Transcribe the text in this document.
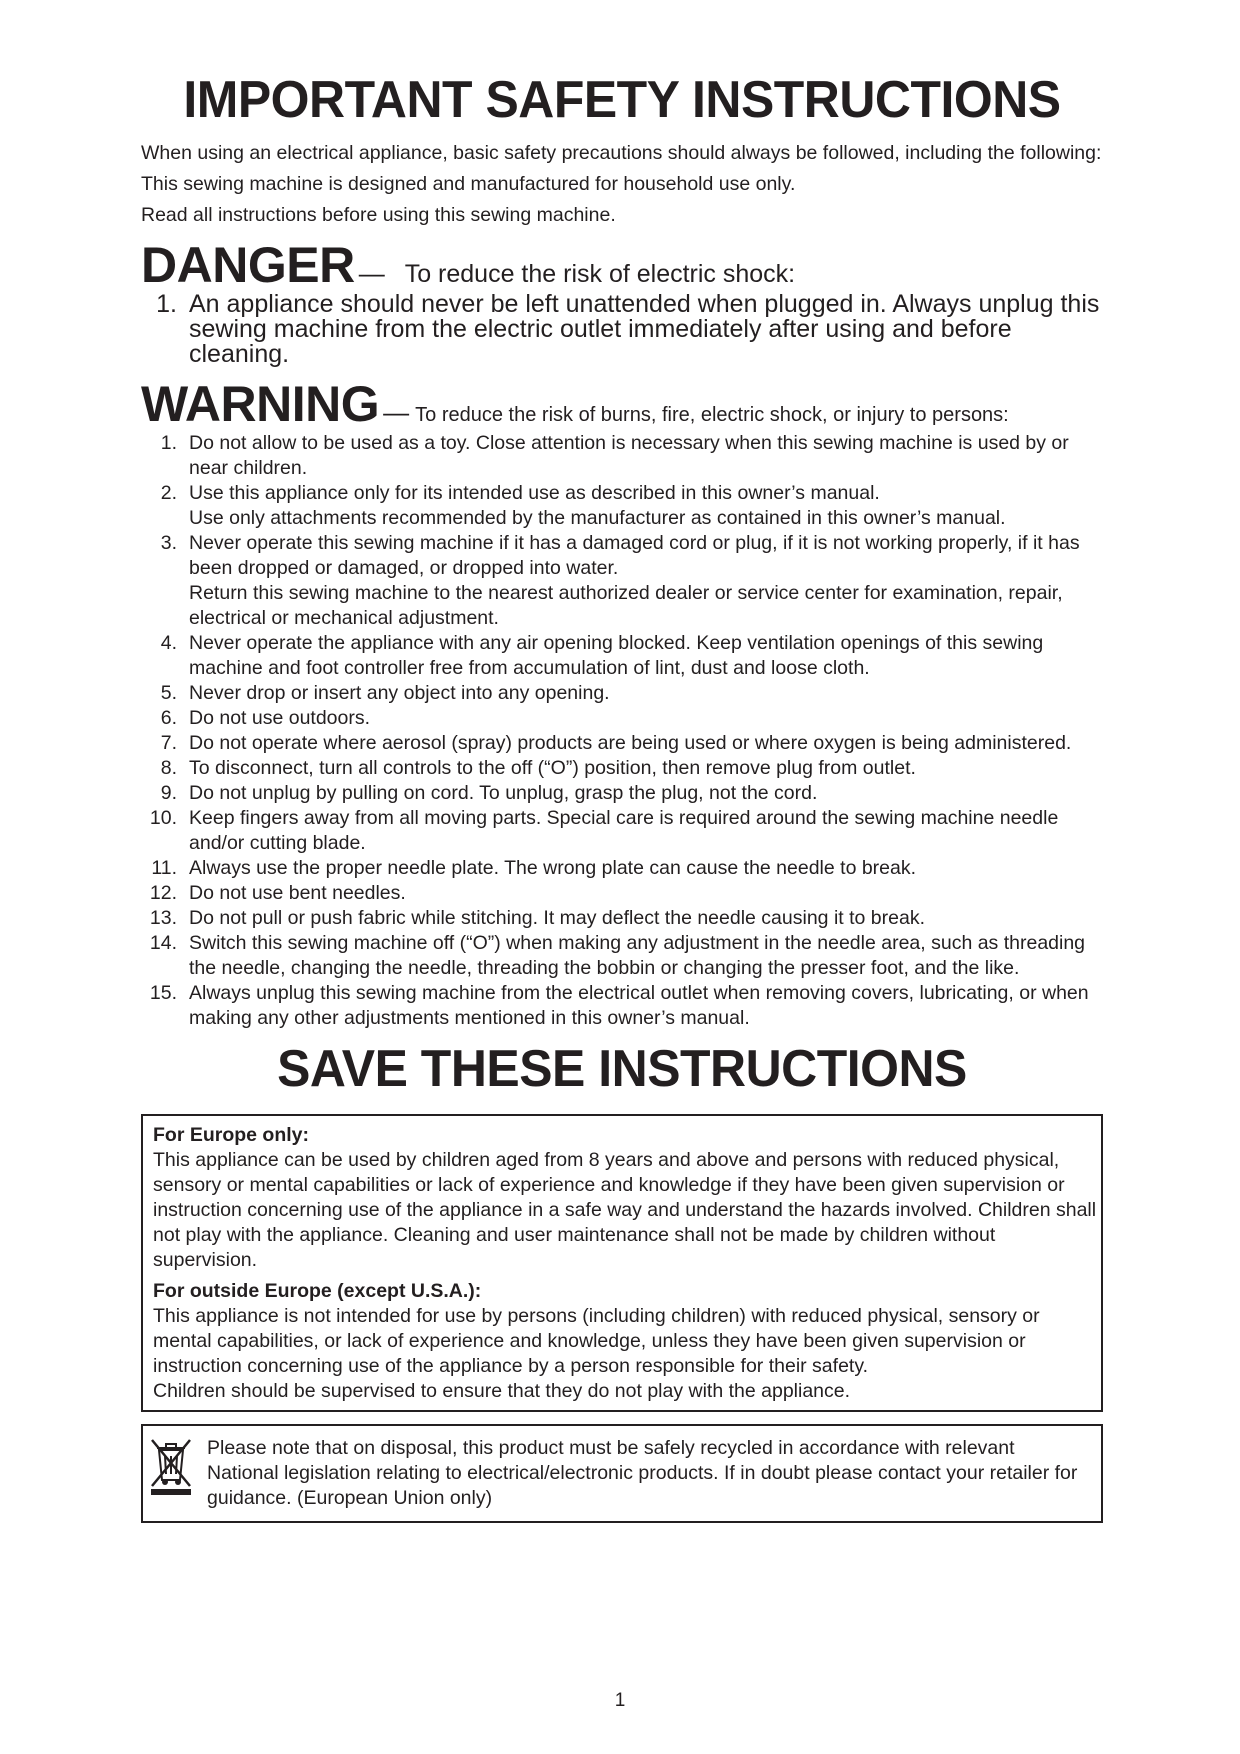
IMPORTANT SAFETY INSTRUCTIONS

When using an electrical appliance, basic safety precautions should always be followed, including the following:

This sewing machine is designed and manufactured for household use only.

Read all instructions before using this sewing machine.

DANGER — To reduce the risk of electric shock:
1. An appliance should never be left unattended when plugged in. Always unplug this sewing machine from the electric outlet immediately after using and before cleaning.
WARNING — To reduce the risk of burns, fire, electric shock, or injury to persons:
1. Do not allow to be used as a toy. Close attention is necessary when this sewing machine is used by or near children.

2. Use this appliance only for its intended use as described in this owner’s manual.

Use only attachments recommended by the manufacturer as contained in this owner’s manual.

3. Never operate this sewing machine if it has a damaged cord or plug, if it is not working properly, if it has been dropped or damaged, or dropped into water.

Return this sewing machine to the nearest authorized dealer or service center for examination, repair, electrical or mechanical adjustment.

4. Never operate the appliance with any air opening blocked. Keep ventilation openings of this sewing machine and foot controller free from accumulation of lint, dust and loose cloth.

5. Never drop or insert any object into any opening.

6. Do not use outdoors.

7. Do not operate where aerosol (spray) products are being used or where oxygen is being administered.

8. To disconnect, turn all controls to the off (“O”) position, then remove plug from outlet.

9. Do not unplug by pulling on cord. To unplug, grasp the plug, not the cord.

10. Keep fingers away from all moving parts. Special care is required around the sewing machine needle and/or cutting blade.

11. Always use the proper needle plate. The wrong plate can cause the needle to break.

12. Do not use bent needles.

13. Do not pull or push fabric while stitching. It may deflect the needle causing it to break.

14. Switch this sewing machine off (“O”) when making any adjustment in the needle area, such as threading the needle, changing the needle, threading the bobbin or changing the presser foot, and the like.

15. Always unplug this sewing machine from the electrical outlet when removing covers, lubricating, or when making any other adjustments mentioned in this owner’s manual.

SAVE THESE INSTRUCTIONS
For Europe only:

This appliance can be used by children aged from 8 years and above and persons with reduced physical, sensory or mental capabilities or lack of experience and knowledge if they have been given supervision or instruction concerning use of the appliance in a safe way and understand the hazards involved. Children shall not play with the appliance. Cleaning and user maintenance shall not be made by children without supervision.

For outside Europe (except U.S.A.):

This appliance is not intended for use by persons (including children) with reduced physical, sensory or mental capabilities, or lack of experience and knowledge, unless they have been given supervision or instruction concerning use of the appliance by a person responsible for their safety.

Children should be supervised to ensure that they do not play with the appliance.

Please note that on disposal, this product must be safely recycled in accordance with relevant National legislation relating to electrical/electronic products. If in doubt please contact your retailer for guidance. (European Union only)

1
